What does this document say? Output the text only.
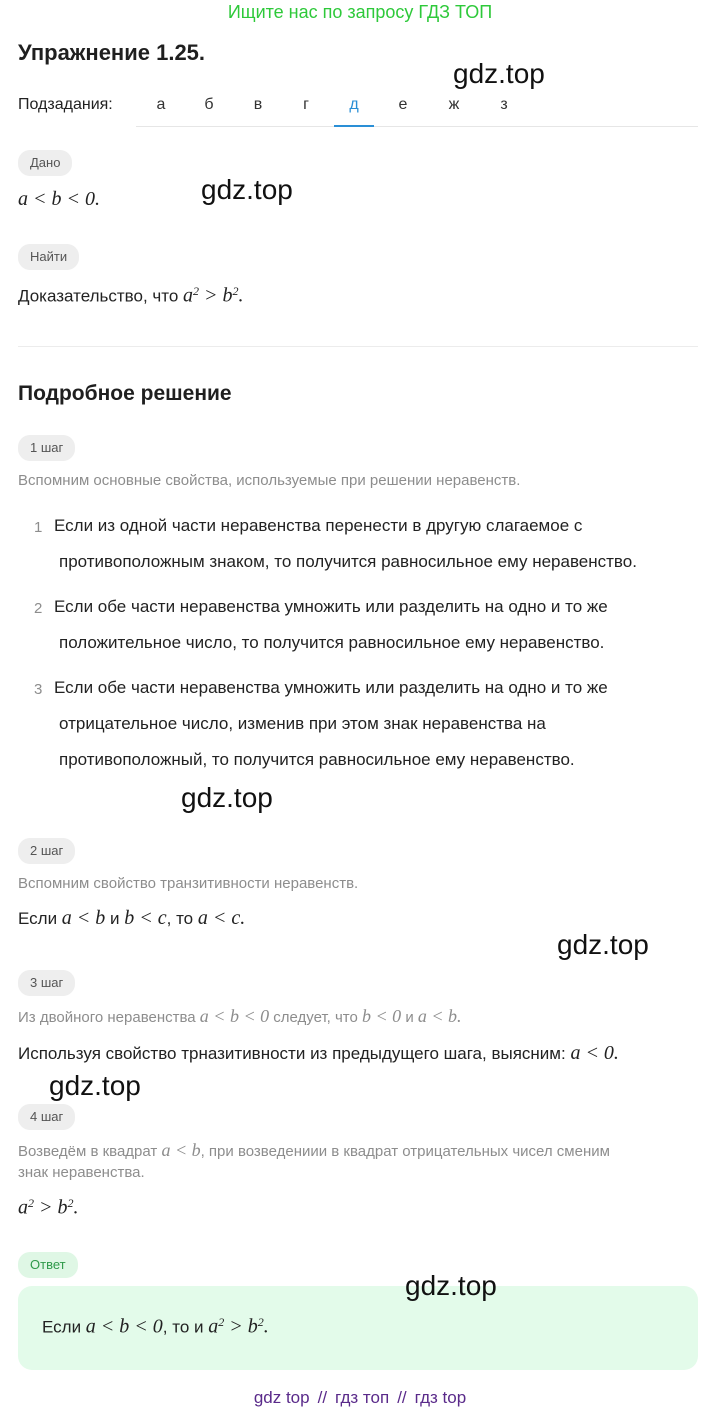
Ищите нас по запросу ГДЗ ТОП
Упражнение 1.25.
gdz.top
Подзадания:	а	б	в	г	д	е	ж	з
Дано
a < b < 0.	gdz.top
Найти
Доказательство, что $a^2 > b^2$.
Подробное решение
1 шаг
Вспомним основные свойства, используемые при решении неравенств.
1 Если из одной части неравенства перенести в другую слагаемое с
противоположным знаком, то получится равносильное ему неравенство.
2 Если обе части неравенства умножить или разделить на одно и то же
положительное число, то получится равносильное ему неравенство.
3 Если обе части неравенства умножить или разделить на одно и то же
отрицательное число, изменив при этом знак неравенства на
противоположный, то получится равносильное ему неравенство.
gdz.top
2 шаг
Вспомним свойство транзитивности неравенств.
Если a < b и b < c, то a < c.
gdz.top
3 шаг
Из двойного неравенства a < b < 0 следует, что b < 0 и a < b.
Используя свойство трназитивности из предыдущего шага, выясним: a < 0.
gdz.top
4 шаг
Возведём в квадрат a < b, при возведениии в квадрат отрицательных чисел сменим
знак неравенства.
$a^2 > b^2$.
Ответ
Если a < b < 0, то и $a^2 > b^2$.
gdz.top
gdz top // гдз топ // гдз top
